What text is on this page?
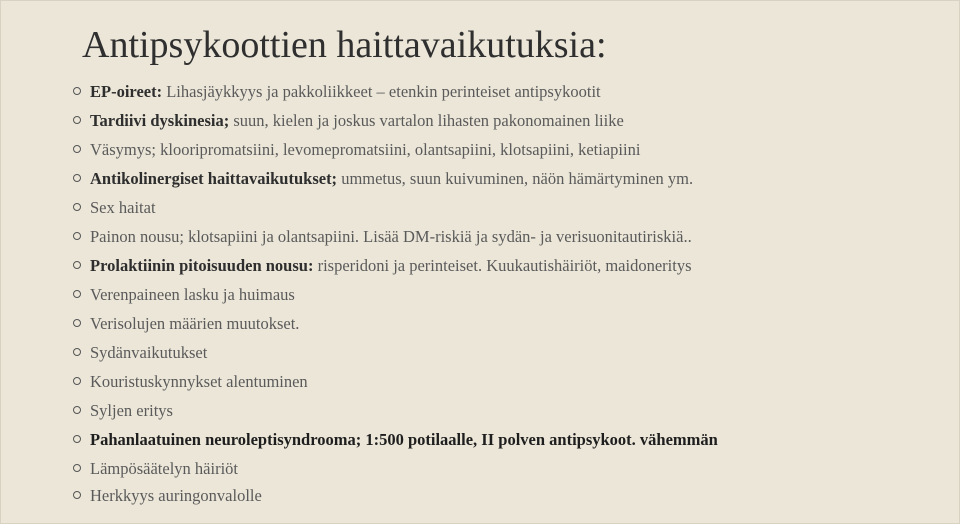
Antipsykoottien haittavaikutuksia:
EP-oireet: Lihasjäykkyys ja pakkoliikkeet – etenkin perinteiset antipsykootit
Tardiivi dyskinesia; suun, kielen ja joskus vartalon lihasten pakonomainen liike
Väsymys; klooripromatsiini, levomepromatsiini, olantsapiini, klotsapiini, ketiapiini
Antikolinergiset haittavaikutukset; ummetus, suun kuivuminen, näön hämärtyminen ym.
Sex haitat
Painon nousu; klotsapiini ja olantsapiini. Lisää DM-riskiä ja sydän- ja verisuonitautiriskiä..
Prolaktiinin pitoisuuden nousu: risperidoni ja perinteiset. Kuukautishäiriöt, maidoneritys
Verenpaineen lasku ja huimaus
Verisolujen määrien muutokset.
Sydänvaikutukset
Kouristuskynnykset alentuminen
Syljen eritys
Pahanlaatuinen neuroleptisyndrooma; 1:500 potilaalle, II polven antipsykoot. vähemmän
Lämpösäätelyn häiriöt
Herkkyys auringonvalolle
